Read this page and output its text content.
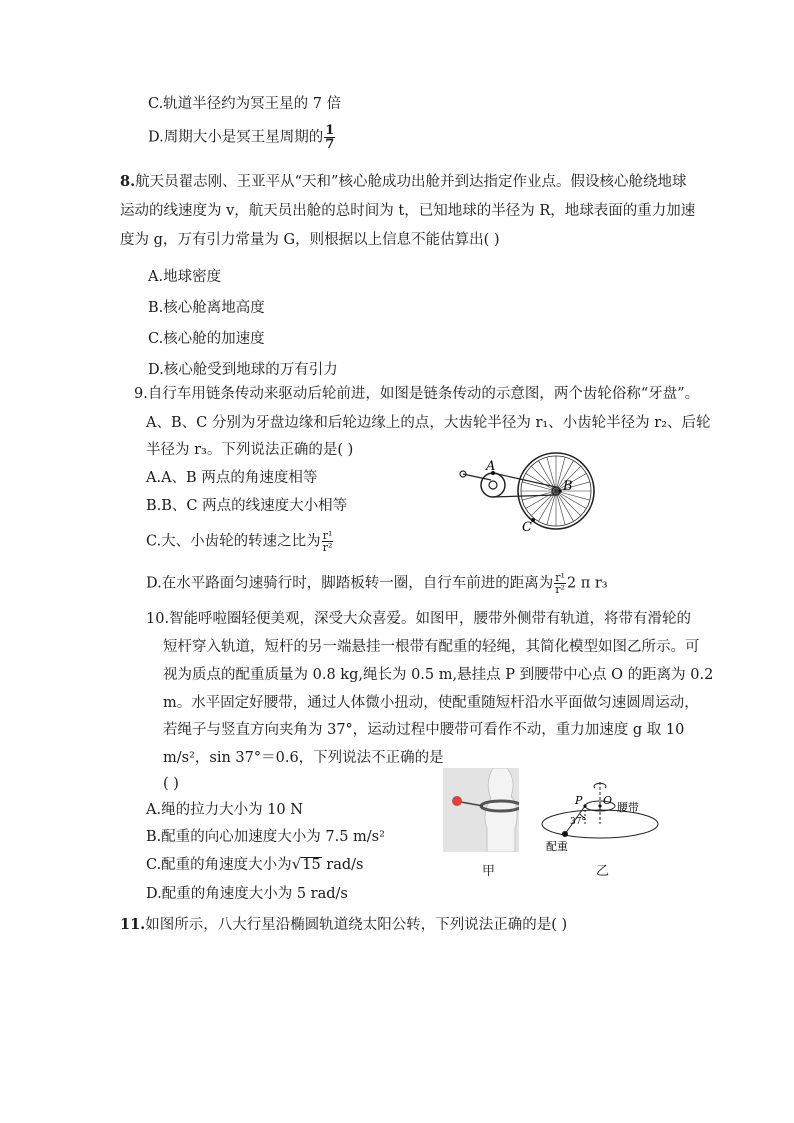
C.轨道半径约为冥王星的 7 倍
D.周期大小是冥王星周期的 $\frac{1}{7}$
8.航天员翟志刚、王亚平从“天和”核心舱成功出舱并到达指定作业点。假设核心舱绕地球
运动的线速度为 v，航天员出舱的总时间为 t，已知地球的半径为 R，地球表面的重力加速
度为 g，万有引力常量为 G，则根据以上信息不能估算出( )
A.地球密度
B.核心舱离地高度
C.核心舱的加速度
D.核心舱受到地球的万有引力
9.自行车用链条传动来驱动后轮前进，如图是链条传动的示意图，两个齿轮俗称“牙盘”。
A、B、C 分别为牙盘边缘和后轮边缘上的点，大齿轮半径为 r₁、小齿轮半径为 r₂、后轮
半径为 r₃。下列说法正确的是( )
A.A、B 两点的角速度相等
B.B、C 两点的线速度大小相等
C.大、小齿轮的转速之比为 $\frac{\text{r¹}}{\text{r²}}$
D.在水平路面匀速骑行时，脚踏板转一圈，自行车前进的距离为 $\frac{\text{r¹}}{\text{r²}} 2$ π r₃
A
B
C
10.智能呼啦圈轻便美观，深受大众喜爱。如图甲，腰带外侧带有轨道，将带有滑轮的
短杆穿入轨道，短杆的另一端悬挂一根带有配重的轻绳，其简化模型如图乙所示。可
视为质点的配重质量为 0.8 kg,绳长为 0.5 m,悬挂点 P 到腰带中心点 O 的距离为 0.2
m。水平固定好腰带，通过人体微小扭动，使配重随短杆沿水平面做匀速圆周运动，
若绳子与竖直方向夹角为 37°，运动过程中腰带可看作不动，重力加速度 g 取 10
m/s²，sin 37°＝0.6，下列说法不正确的是
( )
A.绳的拉力大小为 10 N
B.配重的向心加速度大小为 7.5 m/s²
C.配重的角速度大小为√15 rad/s
D.配重的角速度大小为 5 rad/s
甲
P O
腰带
37°
配重
乙
11.如图所示，八大行星沿椭圆轨道绕太阳公转，下列说法正确的是( )
